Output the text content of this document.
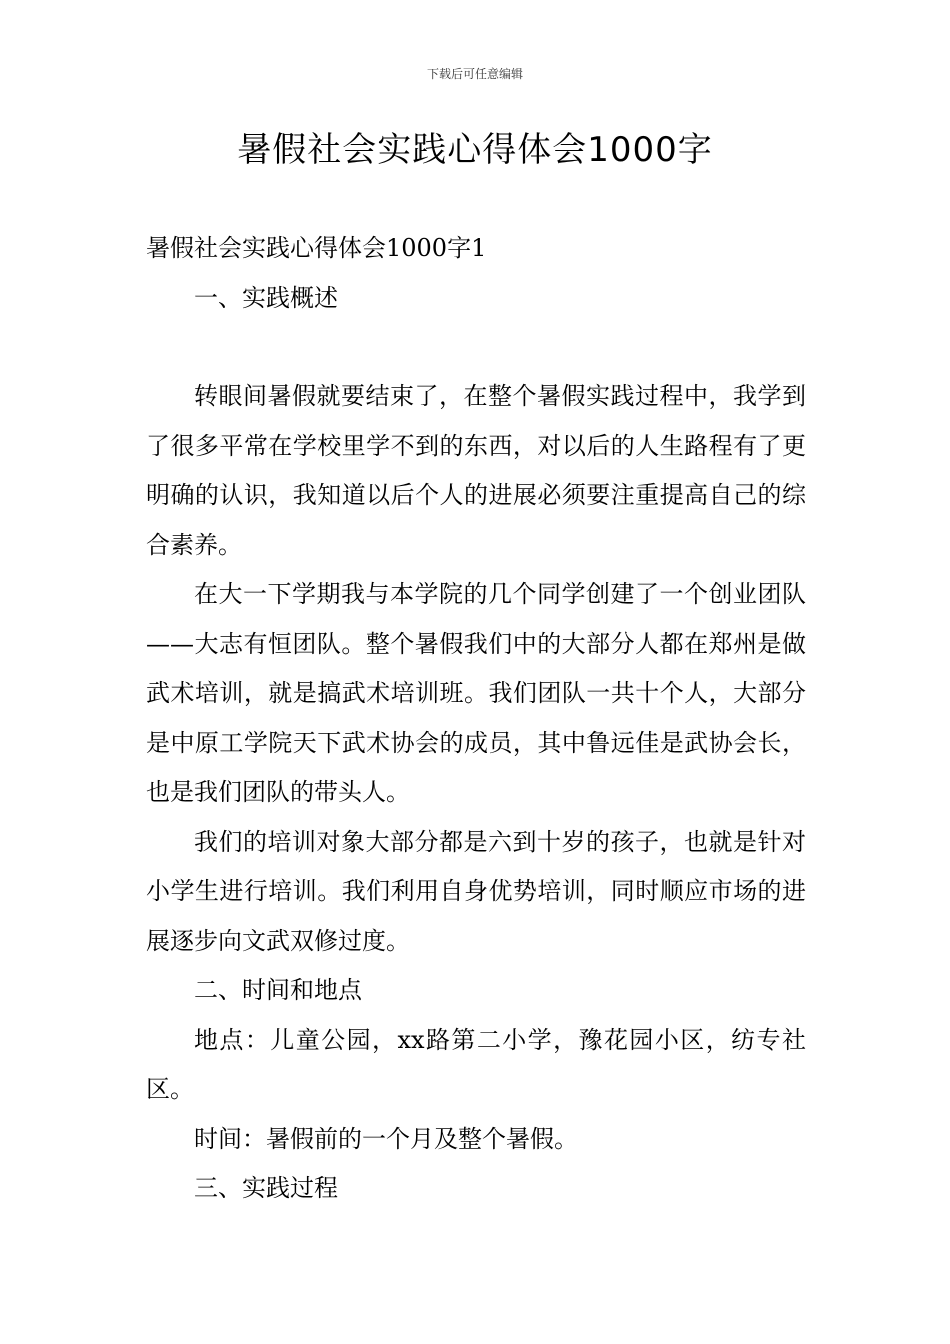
下载后可任意编辑
暑假社会实践心得体会1000字

暑假社会实践心得体会1000字1

一、实践概述

转眼间暑假就要结束了，在整个暑假实践过程中，我学到了很多平常在学校里学不到的东西，对以后的人生路程有了更明确的认识，我知道以后个人的进展必须要注重提高自己的综合素养。

在大一下学期我与本学院的几个同学创建了一个创业团队——大志有恒团队。整个暑假我们中的大部分人都在郑州是做武术培训，就是搞武术培训班。我们团队一共十个人，大部分是中原工学院天下武术协会的成员，其中鲁远佳是武协会长，也是我们团队的带头人。

我们的培训对象大部分都是六到十岁的孩子，也就是针对小学生进行培训。我们利用自身优势培训，同时顺应市场的进展逐步向文武双修过度。

二、时间和地点

地点：儿童公园，xx路第二小学，豫花园小区，纺专社区。

时间：暑假前的一个月及整个暑假。

三、实践过程
